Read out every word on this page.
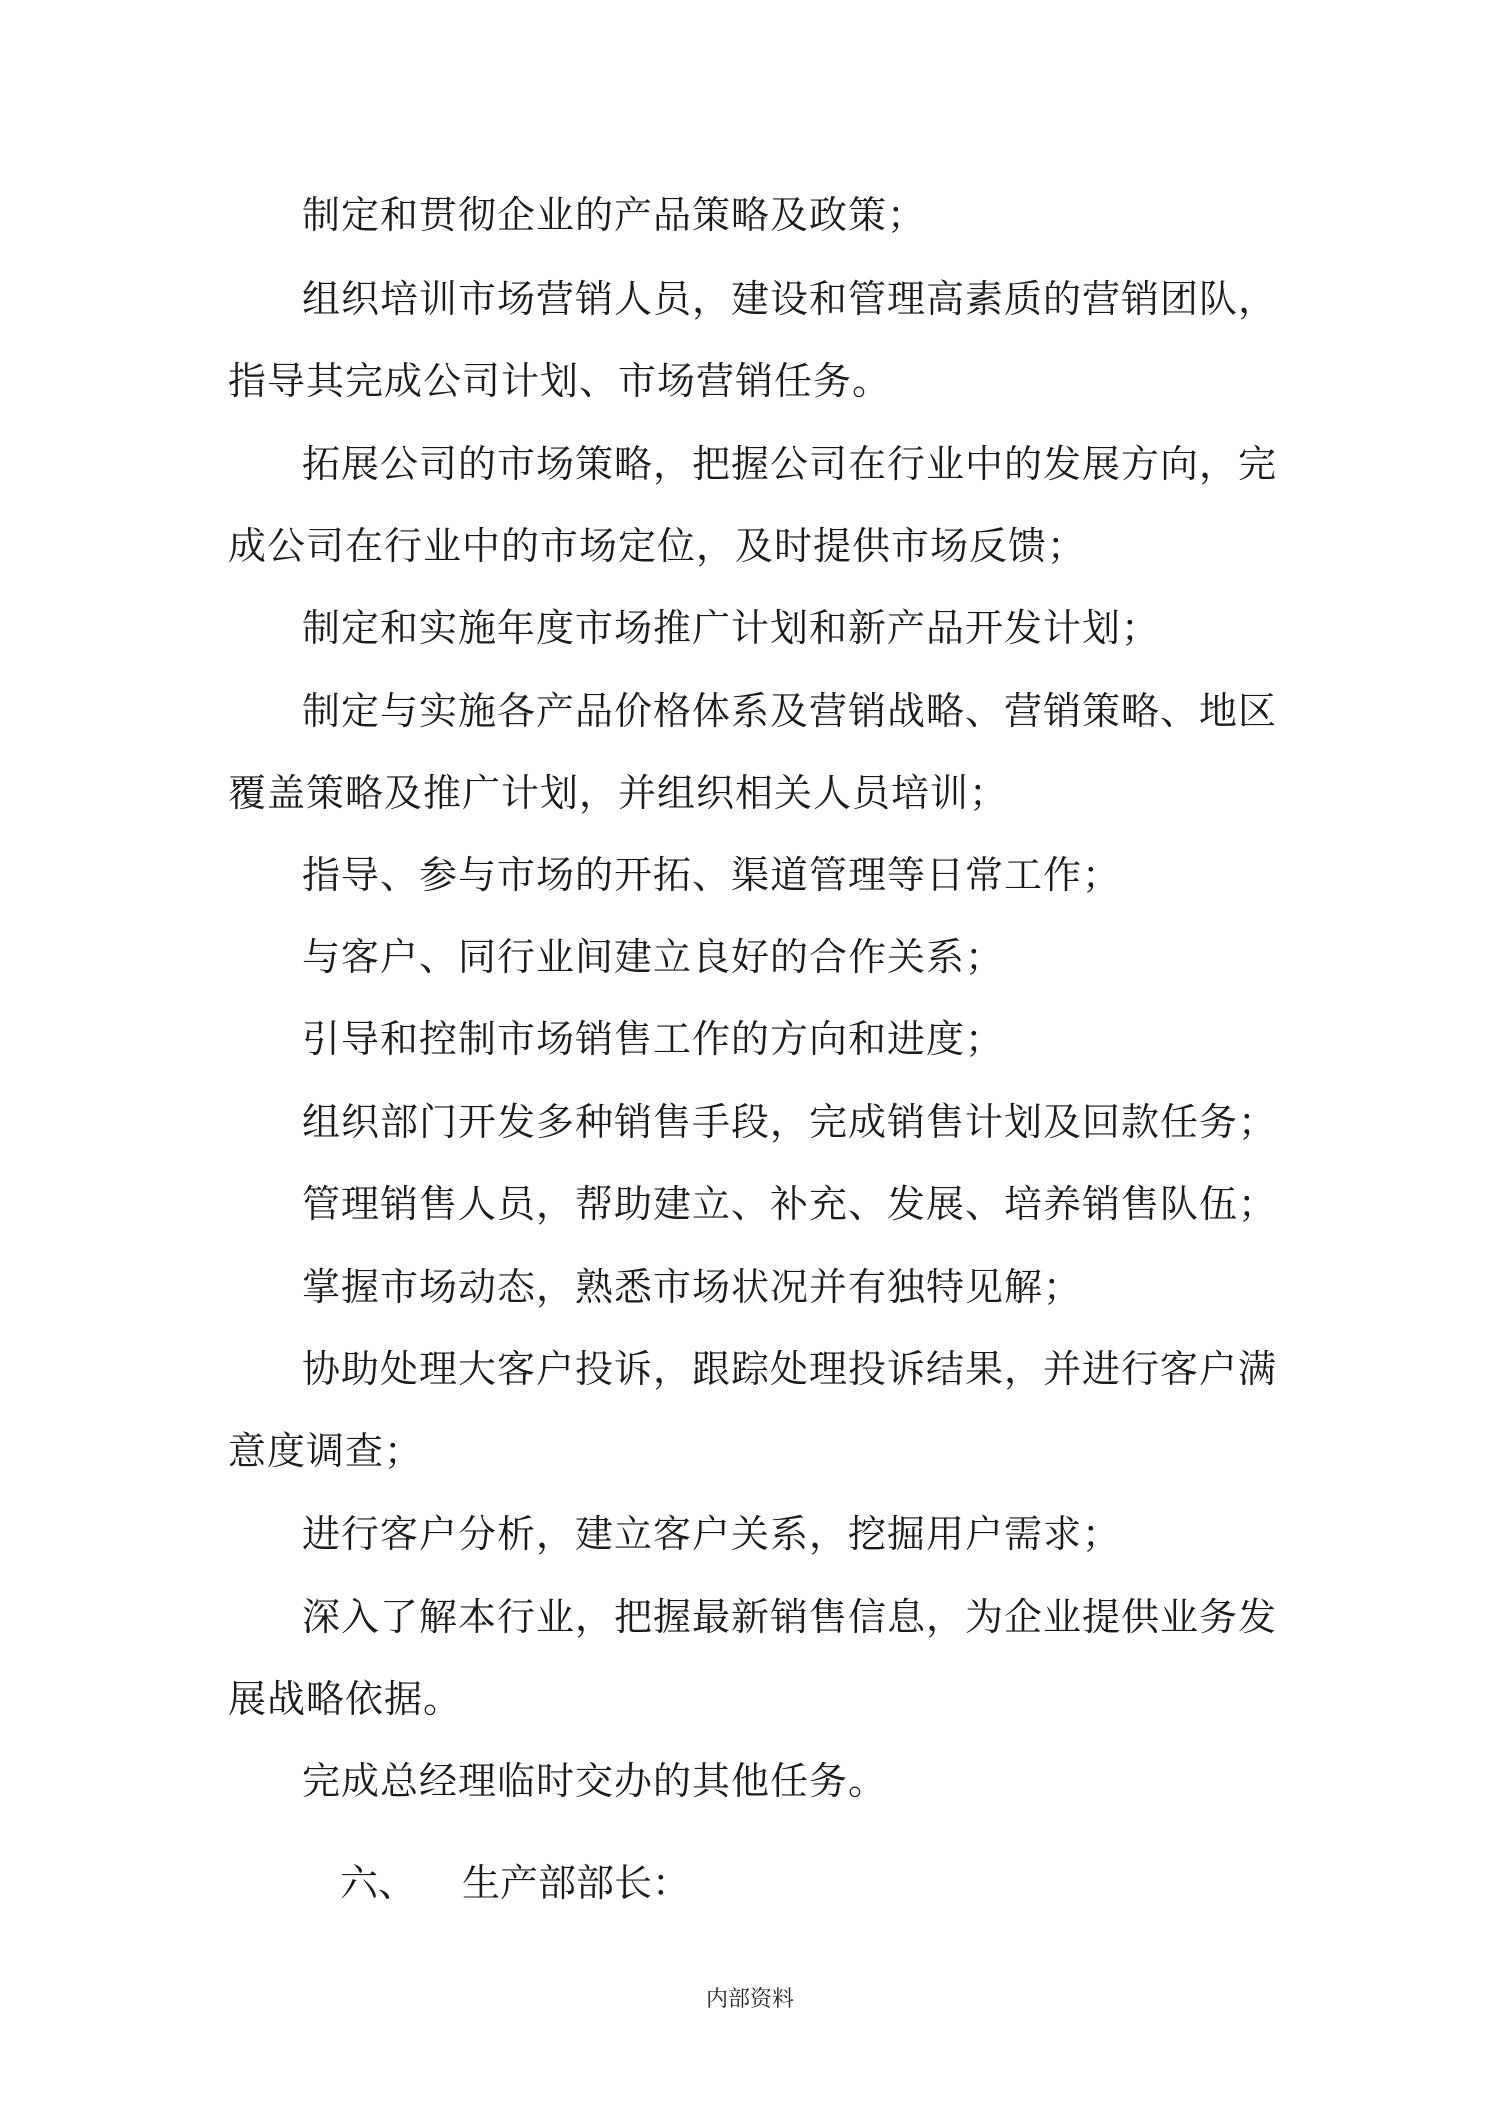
制定和贯彻企业的产品策略及政策；

组织培训市场营销人员，建设和管理高素质的营销团队，指导其完成公司计划、市场营销任务。

拓展公司的市场策略，把握公司在行业中的发展方向，完成公司在行业中的市场定位，及时提供市场反馈；

制定和实施年度市场推广计划和新产品开发计划；

制定与实施各产品价格体系及营销战略、营销策略、地区覆盖策略及推广计划，并组织相关人员培训；

指导、参与市场的开拓、渠道管理等日常工作；

与客户、同行业间建立良好的合作关系；

引导和控制市场销售工作的方向和进度；

组织部门开发多种销售手段，完成销售计划及回款任务；

管理销售人员，帮助建立、补充、发展、培养销售队伍；

掌握市场动态，熟悉市场状况并有独特见解；

协助处理大客户投诉，跟踪处理投诉结果，并进行客户满意度调查；

进行客户分析，建立客户关系，挖掘用户需求；

深入了解本行业，把握最新销售信息，为企业提供业务发展战略依据。

完成总经理临时交办的其他任务。

六、 生产部部长：
内部资料
